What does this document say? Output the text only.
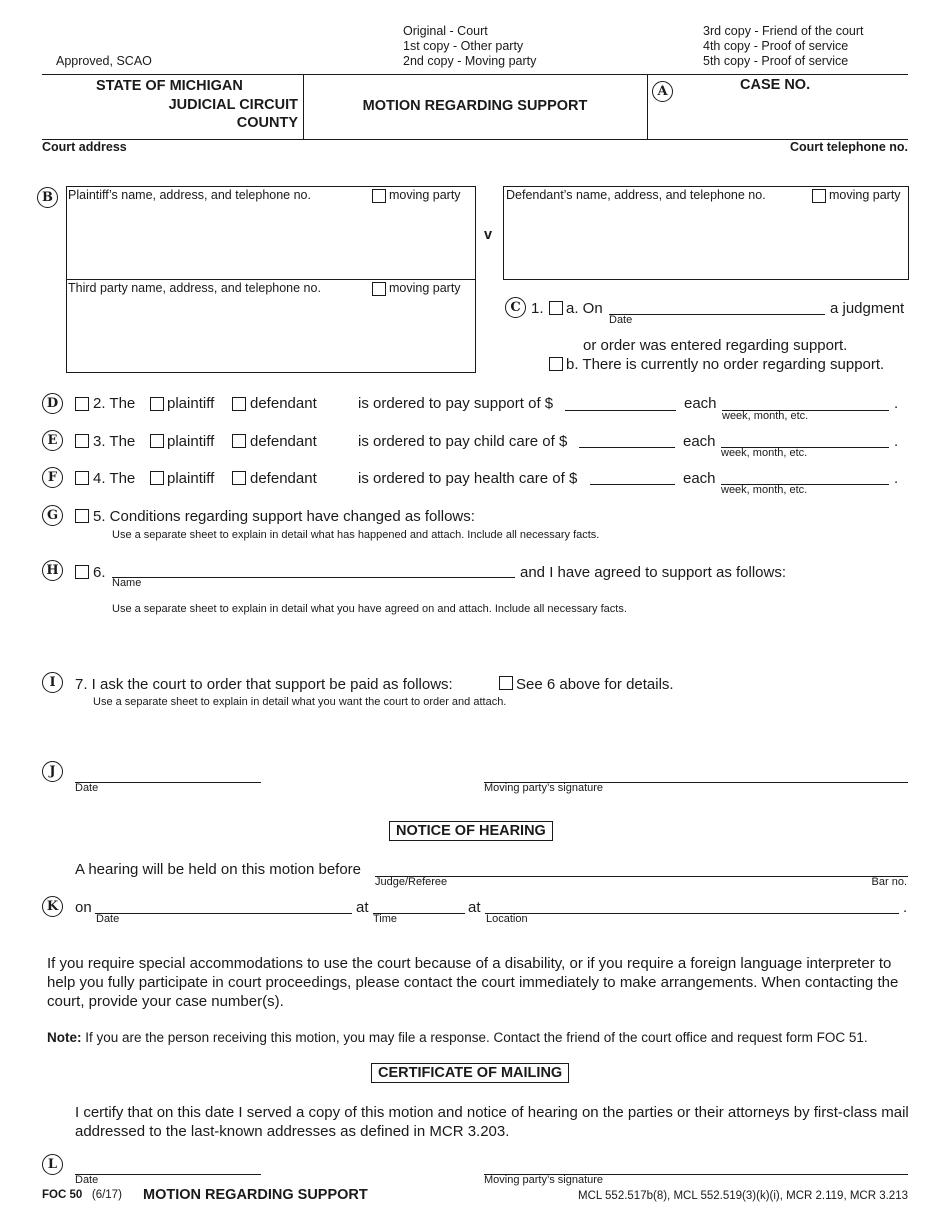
Approved, SCAO
Original - Court
1st copy - Other party
2nd copy - Moving party
3rd copy - Friend of the court
4th copy - Proof of service
5th copy - Proof of service
STATE OF MICHIGAN
JUDICIAL CIRCUIT
COUNTY
MOTION REGARDING SUPPORT
A	CASE NO.
Court address	Court telephone no.
B	Plaintiff’s name, address, and telephone no.	moving party
Third party name, address, and telephone no.	moving party
v
Defendant’s name, address, and telephone no.	moving party
C 1. a. On
Date
a judgment
or order was entered regarding support.
b. There is currently no order regarding support.
D	2. The plaintiff defendant	is ordered to pay support of $	each
week, month, etc.
.
E	3. The plaintiff defendant	is ordered to pay child care of $	each
week, month, etc.
.
F	4. The plaintiff defendant	is ordered to pay health care of $	each
week, month, etc.
.
G	5. Conditions regarding support have changed as follows:
Use a separate sheet to explain in detail what has happened and attach. Include all necessary facts.
H 6.
Name
and I have agreed to support as follows:
Use a separate sheet to explain in detail what you have agreed on and attach. Include all necessary facts.
I	7. I ask the court to order that support be paid as follows:	See 6 above for details.
Use a separate sheet to explain in detail what you want the court to order and attach.
J
Date	Moving party’s signature
NOTICE OF HEARING
A hearing will be held on this motion before
Judge/Referee	Bar no.
K	on
Date
at
Time
at
Location
.
If you require special accommodations to use the court because of a disability, or if you require a foreign language interpreter to help you fully participate in court proceedings, please contact the court immediately to make arrangements. When contacting the court, provide your case number(s).
Note: If you are the person receiving this motion, you may file a response. Contact the friend of the court office and request form FOC 51.
CERTIFICATE OF MAILING
I certify that on this date I served a copy of this motion and notice of hearing on the parties or their attorneys by first-class mail addressed to the last-known addresses as defined in MCR 3.203.
L
Date	Moving party’s signature
FOC 50 (6/17) MOTION REGARDING SUPPORT	MCL 552.517b(8), MCL 552.519(3)(k)(i), MCR 2.119, MCR 3.213
